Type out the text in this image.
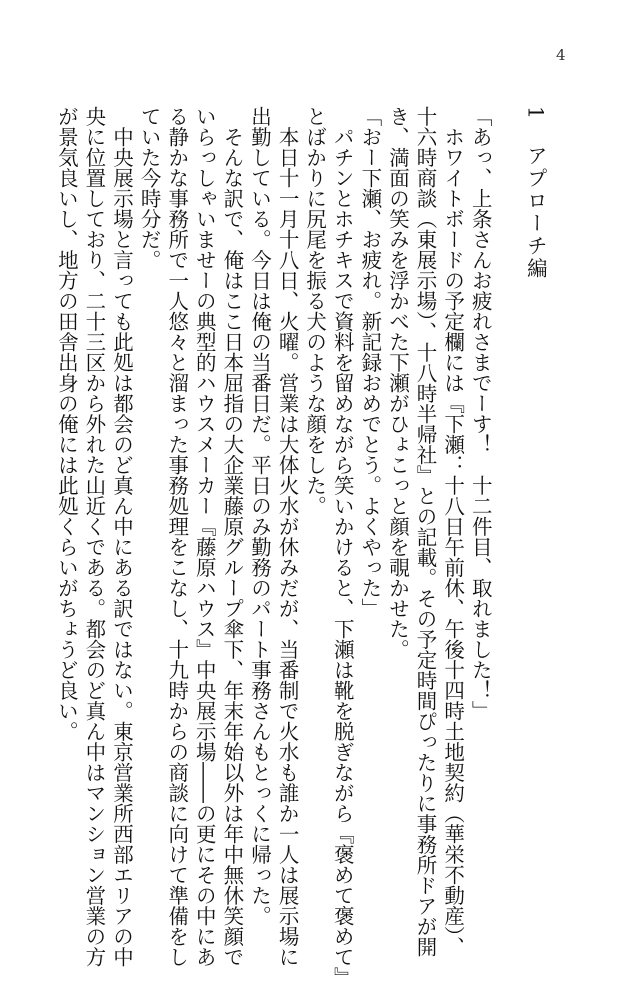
4
1アプローチ編
「あっ、上条さんお疲れさまでーす！　十二件目、取れました！」
　ホワイトボードの予定欄には『下瀬：十八日午前休、午後十四時土地契約（華栄不動産）、
十六時商談（東展示場）、十八時半帰社』との記載。その予定時間ぴったりに事務所ドアが開
き、満面の笑みを浮かべた下瀬がひょこっと顔を覗かせた。
「おー下瀬、お疲れ。新記録おめでとう。よくやった」
　パチンとホチキスで資料を留めながら笑いかけると、下瀬は靴を脱ぎながら『褒めて褒めて』
とばかりに尻尾を振る犬のような顔をした。
　本日十一月十八日、火曜。営業は大体火水が休みだが、当番制で火水も誰か一人は展示場に
出勤している。今日は俺の当番日だ。平日のみ勤務のパート事務さんもとっくに帰った。
　そんな訳で、俺はここ日本屈指の大企業藤原グループ傘下、年末年始以外は年中無休笑顔で
いらっしゃいませーの典型的ハウスメーカー『藤原ハウス』中央展示場――の更にその中にあ
る静かな事務所で一人悠々と溜まった事務処理をこなし、十九時からの商談に向けて準備をし
ていた今時分だ。
　中央展示場と言っても此処は都会のど真ん中にある訳ではない。東京営業所西部エリアの中
央に位置しており、二十三区から外れた山近くである。都会のど真ん中はマンション営業の方
が景気良いし、地方の田舎出身の俺には此処くらいがちょうど良い。
